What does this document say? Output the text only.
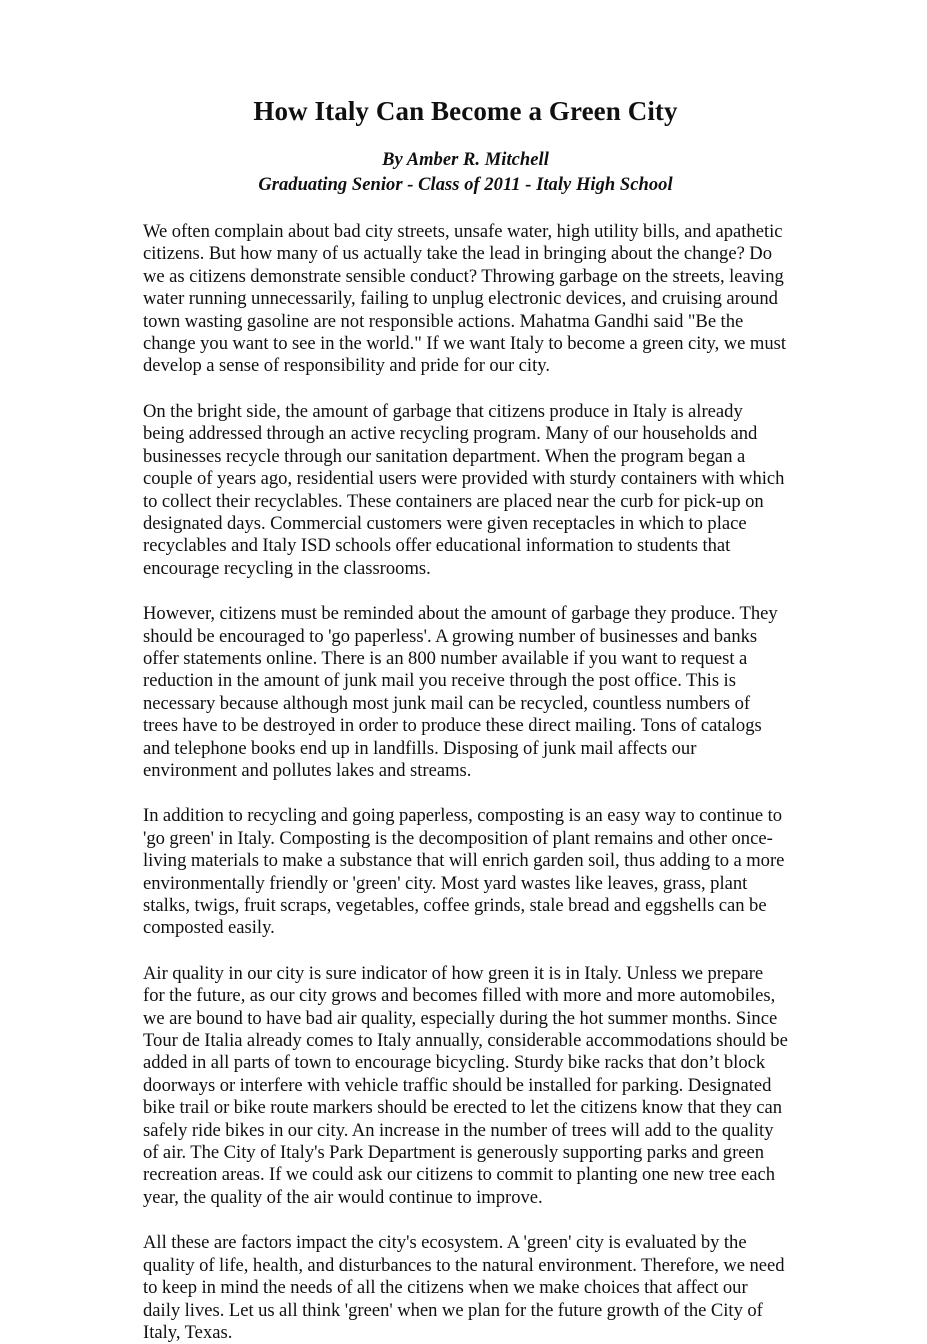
How Italy Can Become a Green City
By Amber R. Mitchell
Graduating Senior - Class of 2011 - Italy High School

We often complain about bad city streets, unsafe water, high utility bills, and apathetic citizens. But how many of us actually take the lead in bringing about the change? Do we as citizens demonstrate sensible conduct? Throwing garbage on the streets, leaving water running unnecessarily, failing to unplug electronic devices, and cruising around town wasting gasoline are not responsible actions. Mahatma Gandhi said "Be the change you want to see in the world." If we want Italy to become a green city, we must develop a sense of responsibility and pride for our city.

On the bright side, the amount of garbage that citizens produce in Italy is already being addressed through an active recycling program. Many of our households and businesses recycle through our sanitation department. When the program began a couple of years ago, residential users were provided with sturdy containers with which to collect their recyclables. These containers are placed near the curb for pick-up on designated days. Commercial customers were given receptacles in which to place recyclables and Italy ISD schools offer educational information to students that encourage recycling in the classrooms.

However, citizens must be reminded about the amount of garbage they produce. They should be encouraged to 'go paperless'. A growing number of businesses and banks offer statements online. There is an 800 number available if you want to request a reduction in the amount of junk mail you receive through the post office. This is necessary because although most junk mail can be recycled, countless numbers of trees have to be destroyed in order to produce these direct mailing. Tons of catalogs and telephone books end up in landfills. Disposing of junk mail affects our environment and pollutes lakes and streams.

In addition to recycling and going paperless, composting is an easy way to continue to 'go green' in Italy. Composting is the decomposition of plant remains and other once-living materials to make a substance that will enrich garden soil, thus adding to a more environmentally friendly or 'green' city. Most yard wastes like leaves, grass, plant stalks, twigs, fruit scraps, vegetables, coffee grinds, stale bread and eggshells can be composted easily.

Air quality in our city is sure indicator of how green it is in Italy. Unless we prepare for the future, as our city grows and becomes filled with more and more automobiles, we are bound to have bad air quality, especially during the hot summer months. Since Tour de Italia already comes to Italy annually, considerable accommodations should be added in all parts of town to encourage bicycling. Sturdy bike racks that don’t block doorways or interfere with vehicle traffic should be installed for parking. Designated bike trail or bike route markers should be erected to let the citizens know that they can safely ride bikes in our city. An increase in the number of trees will add to the quality of air. The City of Italy's Park Department is generously supporting parks and green recreation areas. If we could ask our citizens to commit to planting one new tree each year, the quality of the air would continue to improve.

All these are factors impact the city's ecosystem. A 'green' city is evaluated by the quality of life, health, and disturbances to the natural environment. Therefore, we need to keep in mind the needs of all the citizens when we make choices that affect our daily lives. Let us all think 'green' when we plan for the future growth of the City of Italy, Texas.
